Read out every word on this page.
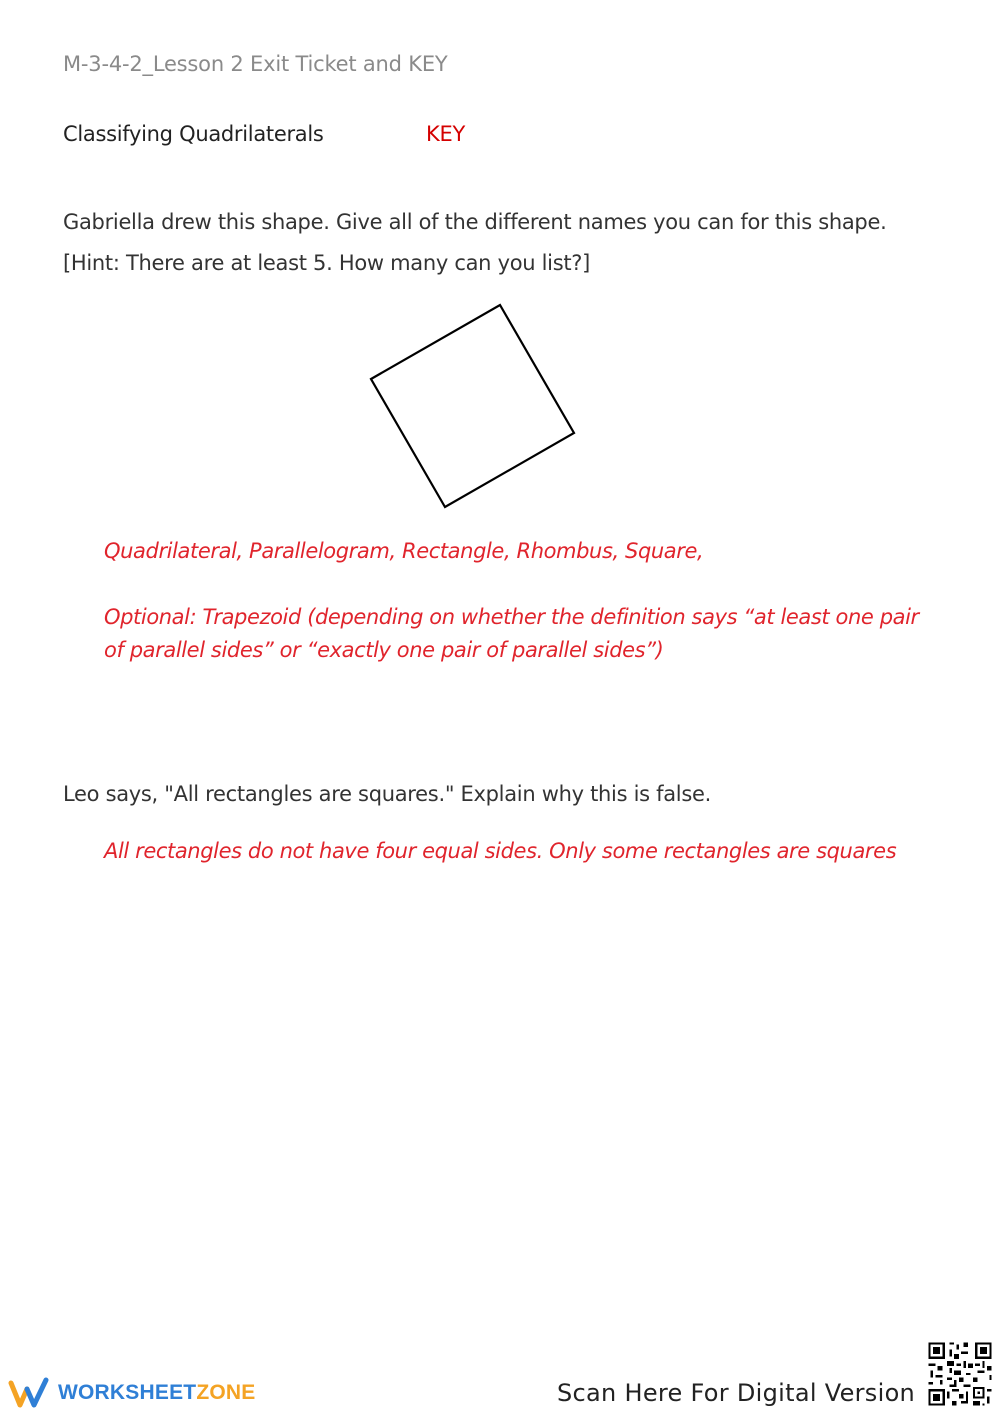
M-3-4-2_Lesson 2 Exit Ticket and KEY

Classifying Quadrilaterals	KEY

Gabriella drew this shape. Give all of the different names you can for this shape.
[Hint: There are at least 5. How many can you list?]

Quadrilateral, Parallelogram, Rectangle, Rhombus, Square,

Optional: Trapezoid (depending on whether the definition says “at least one pair of parallel sides” or “exactly one pair of parallel sides”)

Leo says, "All rectangles are squares." Explain why this is false.

All rectangles do not have four equal sides. Only some rectangles are squares

WORKSHEETZONE	Scan Here For Digital Version
